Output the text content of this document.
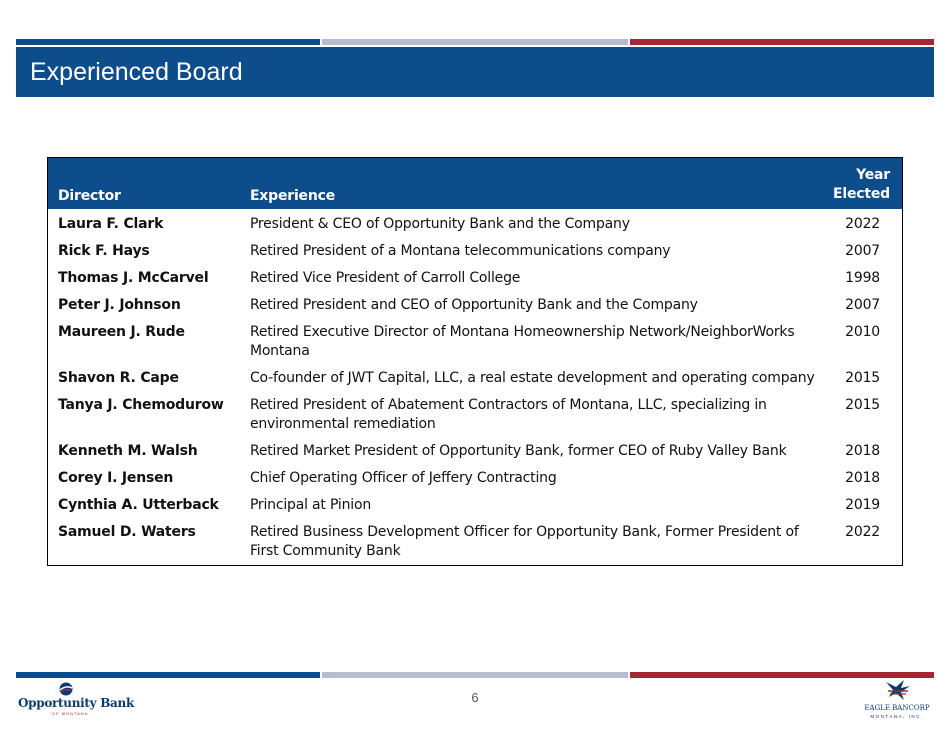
Experienced Board
Director	Experience	Year
Elected
Laura F. Clark	President & CEO of Opportunity Bank and the Company	2022
Rick F. Hays	Retired President of a Montana telecommunications company	2007
Thomas J. McCarvel	Retired Vice President of Carroll College	1998
Peter J. Johnson	Retired President and CEO of Opportunity Bank and the Company	2007
Maureen J. Rude	Retired Executive Director of Montana Homeownership Network/NeighborWorks Montana	2010
Shavon R. Cape	Co-founder of JWT Capital, LLC, a real estate development and operating company	2015
Tanya J. Chemodurow	Retired President of Abatement Contractors of Montana, LLC, specializing in environmental remediation	2015
Kenneth M. Walsh	Retired Market President of Opportunity Bank, former CEO of Ruby Valley Bank	2018
Corey I. Jensen	Chief Operating Officer of Jeffery Contracting	2018
Cynthia A. Utterback	Principal at Pinion	2019
Samuel D. Waters	Retired Business Development Officer for Opportunity Bank, Former President of First Community Bank	2022
Opportunity Bank
OF MONTANA
6
EAGLE BANCORP
MONTANA, INC.
